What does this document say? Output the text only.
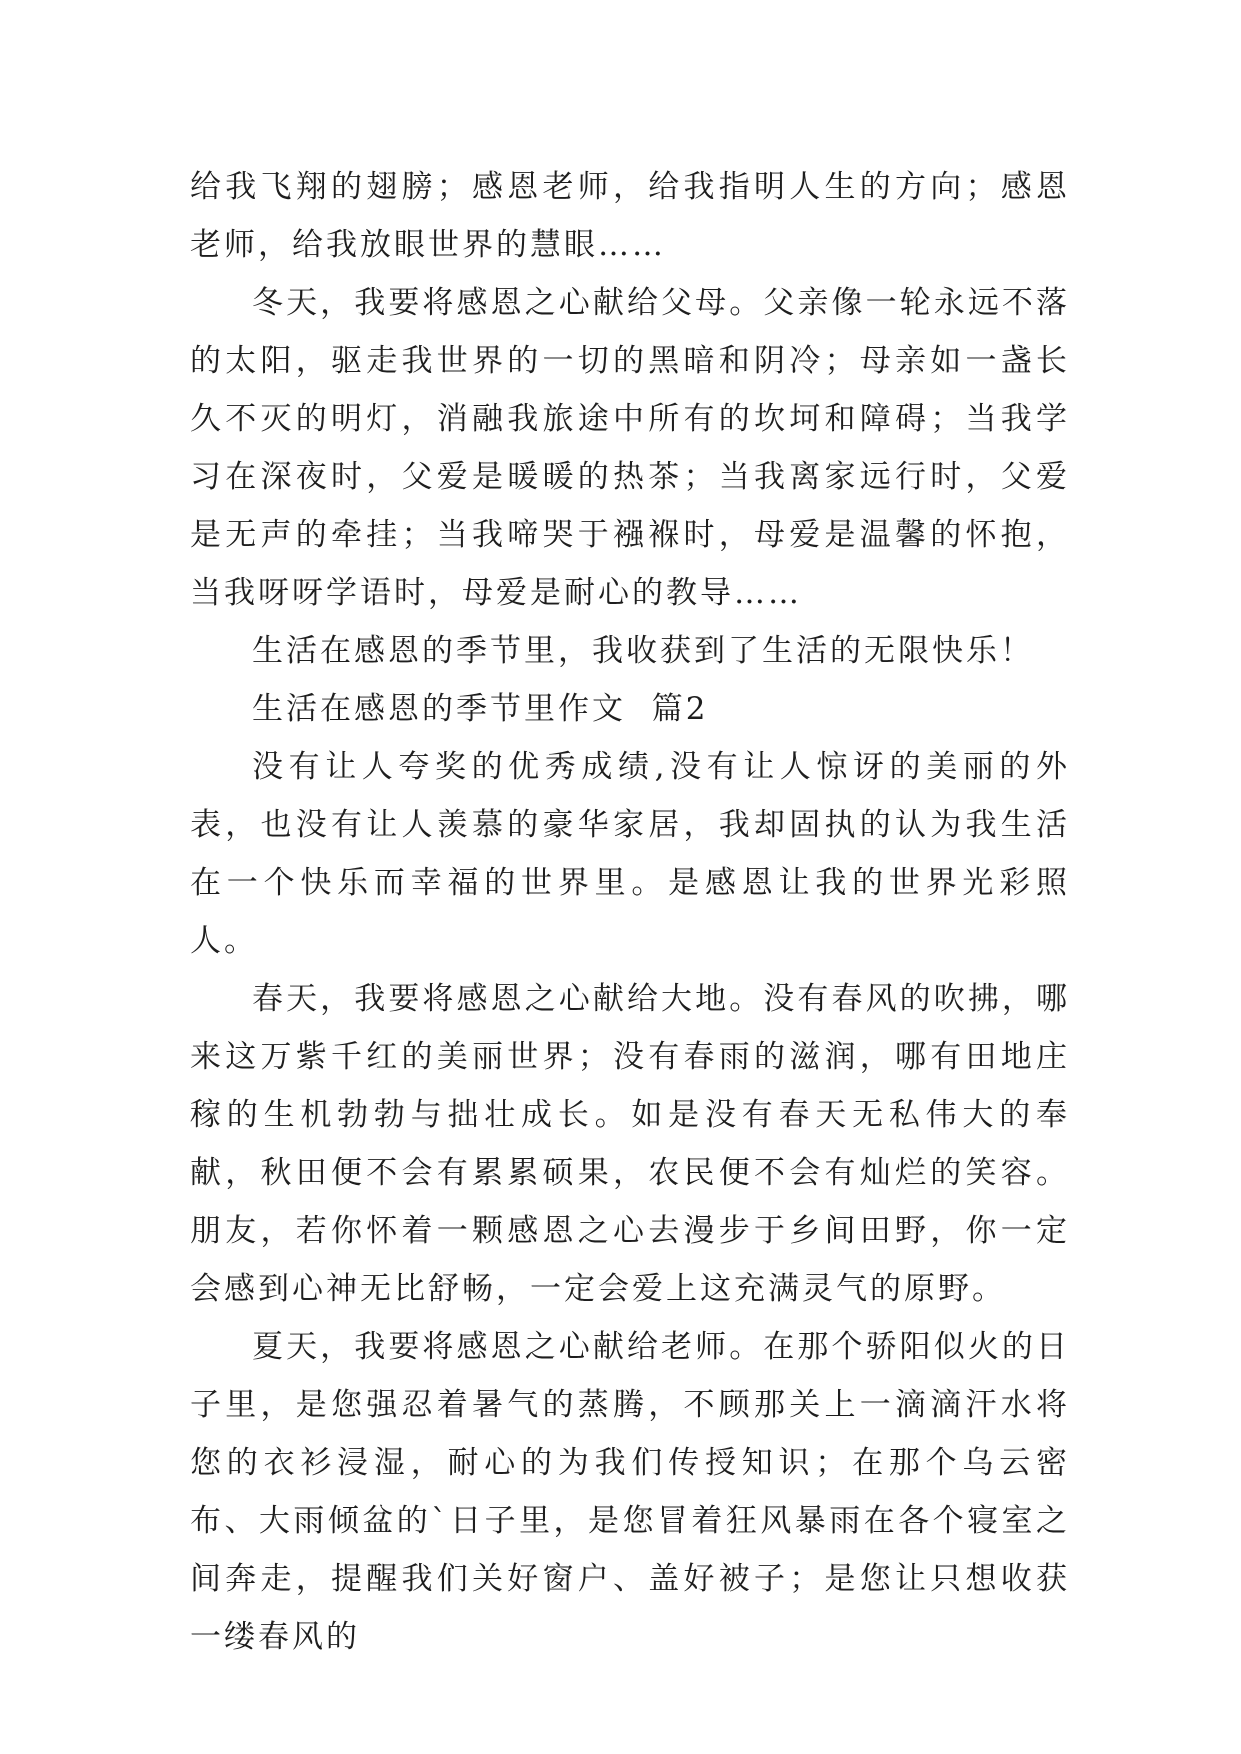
给我飞翔的翅膀；感恩老师，给我指明人生的方向；感恩老师，给我放眼世界的慧眼……

冬天，我要将感恩之心献给父母。父亲像一轮永远不落的太阳，驱走我世界的一切的黑暗和阴冷；母亲如一盏长久不灭的明灯，消融我旅途中所有的坎坷和障碍；当我学习在深夜时，父爱是暖暖的热茶；当我离家远行时，父爱是无声的牵挂；当我啼哭于襁褓时，母爱是温馨的怀抱，当我呀呀学语时，母爱是耐心的教导……

生活在感恩的季节里，我收获到了生活的无限快乐！

生活在感恩的季节里作文  篇2

没有让人夸奖的优秀成绩,没有让人惊讶的美丽的外表，也没有让人羡慕的豪华家居，我却固执的认为我生活在一个快乐而幸福的世界里。是感恩让我的世界光彩照人。

春天，我要将感恩之心献给大地。没有春风的吹拂，哪来这万紫千红的美丽世界；没有春雨的滋润，哪有田地庄稼的生机勃勃与拙壮成长。如是没有春天无私伟大的奉献，秋田便不会有累累硕果，农民便不会有灿烂的笑容。朋友，若你怀着一颗感恩之心去漫步于乡间田野，你一定会感到心神无比舒畅，一定会爱上这充满灵气的原野。

夏天，我要将感恩之心献给老师。在那个骄阳似火的日子里，是您强忍着暑气的蒸腾，不顾那关上一滴滴汗水将您的衣衫浸湿，耐心的为我们传授知识；在那个乌云密布、大雨倾盆的`日子里，是您冒着狂风暴雨在各个寝室之间奔走，提醒我们关好窗户、盖好被子；是您让只想收获一缕春风的
